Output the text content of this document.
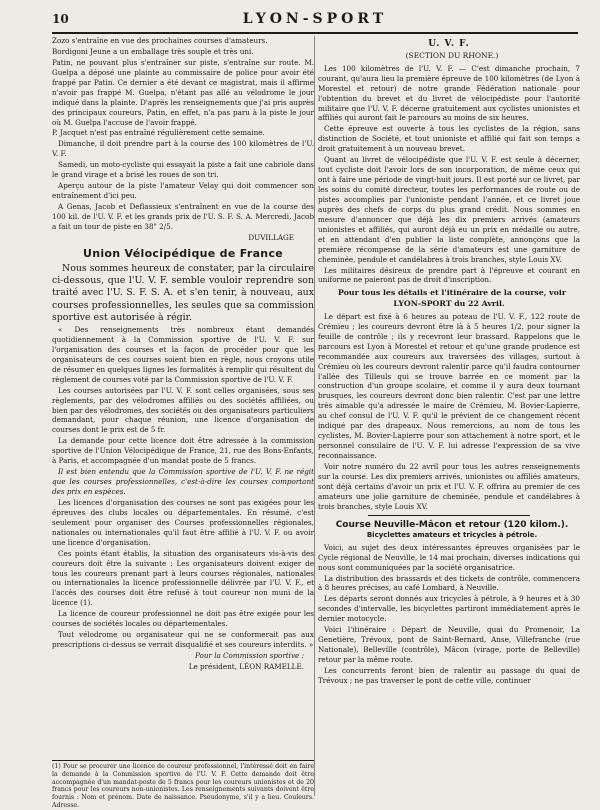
10	LYON-SPORT

Zozo s'entraîne en vue des prochaines courses d'amateurs.

Bordigoni Jeune a un emballage très souple et très uni.

Patin, ne pouvant plus s'entraîner sur piste, s'entraîne sur route. M. Guelpa a déposé une plainte au commissaire de police pour avoir été frappé par Patin. Ce dernier a été devant ce magistrat, mais il affirme n'avoir pas frappé M. Guelpa, n'étant pas allé au vélodrome le jour indiqué dans la plainte. D'après les renseignements que j'ai pris auprès des principaux coureurs, Patin, en effet, n'a pas paru à la piste le jour où M. Guelpa l'accuse de l'avoir frappé.

P. Jacquet n'est pas entraîné régulièrement cette semaine.

Dimanche, il doit prendre part à la course des 100 kilomètres de l'U. V. F.

Samedi, un moto-cycliste qui essayait la piste a fait une cabriole dans le grand virage et a brisé les roues de son tri.

Aperçu autour de la piste l'amateur Velay qui doit commencer son entraînement d'ici peu.

A Genas, Jacob et Deflassieux s'entraînent en vue de la course des 100 kil. de l'U. V. F. et les grands prix de l'U. S. F. S. A. Mercredi, Jacob a fait un tour de piste en 38" 2/5.

DUVILLAGE

Union Vélocipédique de France

Nous sommes heureux de constater, par la circulaire ci-dessous, que l'U. V. F. semble vouloir reprendre son traité avec l'U. S. F. S. A. et s'en tenir, à nouveau, aux courses professionnelles, les seules que sa commission sportive est autorisée à régir.

« Des renseignements très nombreux étant demandés quotidiennement à la Commission sportive de l'U. V. F. sur l'organisation des courses et la façon de procéder pour que les organisateurs de ces courses soient bien en règle, nous croyons utile de résumer en quelques lignes les formalités à remplir qui résultent du règlement de courses voté par la Commission sportive de l'U. V. F.

Les courses autorisées par l'U. V. F. sont celles organisées, sous ses règlements, par des vélodromes affiliés ou des sociétés affiliées, ou bien par des vélodromes, des sociétés ou des organisateurs particuliers demandant, pour chaque réunion, une licence d'organisation de courses dont le prix est de 5 fr.

La demande pour cette licence doit être adressée à la commission sportive de l'Union Vélocipédique de France, 21, rue des Bons-Enfants, à Paris, et accompagnée d'un mandat poste de 5 francs.

Il est bien entendu que la Commission sportive de l'U. V. F. ne régit que les courses professionnelles, c'est-à-dire les courses comportant des prix en espèces.

Les licences d'organisation des courses ne sont pas exigées pour les épreuves des clubs locales ou départementales. En résumé, c'est seulement pour organiser des Courses professionnelles régionales, nationales ou internationales qu'il faut être affilié à l'U. V. F. ou avoir une licence d'organisation.

Ces points étant établis, la situation des organisateurs vis-à-vis des coureurs doit être la suivante : Les organisateurs doivent exiger de tous les coureurs prenant part à leurs courses régionales, nationales ou internationales la licence professionnelle délivrée par l'U. V. F., et l'accès des courses doit être refusé à tout coureur non muni de la licence (1).

La licence de coureur professionnel ne doit pas être exigée pour les courses de sociétés locales ou départementales.

Tout vélodrome ou organisateur qui ne se conformerait pas aux prescriptions ci-dessus se verrait disqualifié et ses coureurs interdits. »

Pour la Commission sportive :

Le président, LÉON RAMELLE.

(1) Pour se procurer une licence de coureur professionnel, l'intéressé doit en faire la demande à la Commission sportive de l'U. V. F. Cette demande doit être accompagnée d'un mandat-poste de 5 francs pour les coureurs unionistes et de 20 francs pour les coureurs non-unionistes. Les renseignements suivants doivent être fournis : Nom et prénom. Date de naissance. Pseudonyme, s'il y a lieu. Couleurs. Adresse.
U. V. F.

(SECTION DU RHONE.)

Les 100 kilomètres de l'U. V. F. — C'est dimanche prochain, 7 courant, qu'aura lieu la première épreuve de 100 kilomètres (de Lyon à Morestel et retour) de notre grande Fédération nationale pour l'obtention du brevet et du livret de vélocipédiste pour l'autorité militaire que l'U. V. F. décerne gratuitement aux cyclistes unionistes et affiliés qui auront fait le parcours au moins de six heures.

Cette épreuve est ouverte à tous les cyclistes de la région, sans distinction de Société, et tout unioniste et affilié qui fait son temps a droit gratuitement à un nouveau brevet.

Quant au livret de vélocipédiste que l'U. V. F. est seule à décerner, tout cycliste doit l'avoir lors de son incorporation, de même ceux qui ont à faire une période de vingt-huit jours. Il est porté sur ce livret, par les soins du comité directeur, toutes les performances de route ou de pistes accomplies par l'unioniste pendant l'année, et ce livret joue auprès des chefs de corps du plus grand crédit. Nous sommes en mesure d'annoncer que déjà les dix premiers arrivés (amateurs unionistes et affiliés, qui auront déjà eu un prix en médaille ou autre, et en attendant d'en publier la liste complète, annonçons que la première récompense de la série d'amateurs est une garniture de cheminée, pendule et candélabres à trois branches, style Louis XV.

Les militaires désireux de prendre part à l'épreuve et courant en uniforme ne paieront pas de droit d'inscription.

Pour tous les détails et l'itinéraire de la course, voir LYON-SPORT du 22 Avril.

Le départ est fixé à 6 heures au poteau de l'U. V. F., 122 route de Crémieu ; les coureurs devront être là à 5 heures 1/2, pour signer la feuille de contrôle ; ils y recevront leur brassard. Rappelons que le parcours est Lyon à Morestel et retour et qu'une grande prudence est recommandée aux coureurs aux traversées des villages, surtout à Crémieu où les coureurs devront ralentir parce qu'il faudra contourner l'allée des Tilleuls qui se trouve barrée en ce moment par la construction d'un groupe scolaire, et comme il y aura deux tournant brusques, les coureurs devront donc bien ralentir. C'est par une lettre très aimable qu'a adressée le maire de Crémieu, M. Bovier-Lapierre, au chef consul de l'U. V. F. qu'il le prévient de ce changement récent indiqué par des drapeaux. Nous remercions, au nom de tous les cyclistes, M. Bovier-Lapierre pour son attachement à notre sport, et le personnel consulaire de l'U. V. F. lui adresse l'expression de sa vive reconnaissance.

Voir notre numéro du 22 avril pour tous les autres renseignements sur la course. Les dix premiers arrivés, unionistes ou affiliés amateurs, sont déjà certains d'avoir un prix et l'U. V. F. offrira au premier de ces amateurs une jolie garniture de cheminée, pendule et candélabres à trois branches, style Louis XV.

Course Neuville-Mâcon et retour (120 kilom.).

Bicyclettes amateurs et tricycles à pétrole.

Voici, au sujet des deux intéressantes épreuves organisées par le Cycle régional de Neuville, le 14 mai prochain, diverses indications qui nous sont communiquées par la société organisatrice.

La distribution des brassards et des tickets de contrôle, commencera à 8 heures précises, au café Lombard, à Neuville.

Les départs seront donnés aux tricycles à pétrole, à 9 heures et à 30 secondes d'intervalle, les bicyclettes partiront immédiatement après le dernier motocycle.

Voici l'itinéraire : Départ de Neuville, quai du Promenoir, La Genetière, Trévoux, pont de Saint-Bernard, Anse, Villefranche (rue Nationale), Belleville (contrôle), Mâcon (virage, porte de Belleville) retour par la même route.

Les concurrents feront bien de ralentir au passage du quai de Trévoux ; ne pas traverser le pont de cette ville, continuer
